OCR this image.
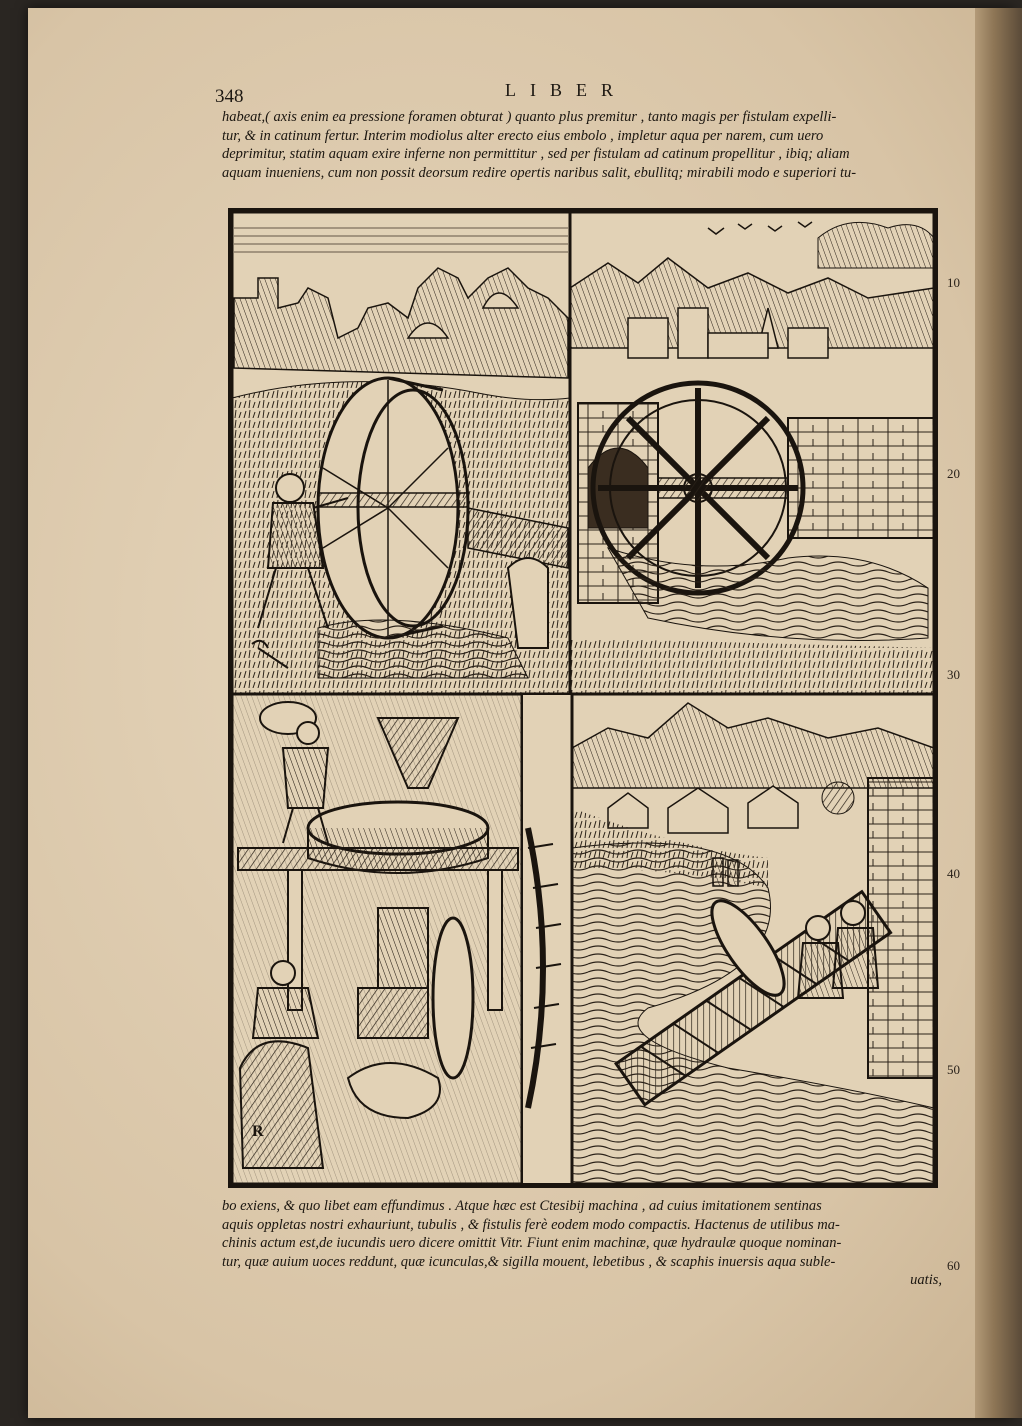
348	LIBER

habeat,( axis enim ea pressione foramen obturat ) quanto plus premitur , tanto magis per fistulam expelli-

tur, & in catinum fertur. Interim modiolus alter erecto eius embolo , impletur aqua per narem, cum uero

deprimitur, statim aquam exire inferne non permittitur , sed per fistulam ad catinum propellitur , ibiq; aliam

aquam inueniens, cum non possit deorsum redire opertis naribus salit, ebullitq; mirabili modo e superiori tu-

R

bo exiens, & quo libet eam effundimus . Atque hæc est Ctesibij machina , ad cuius imitationem sentinas

aquis oppletas nostri exhauriunt, tubulis , & fistulis ferè eodem modo compactis. Hactenus de utilibus ma-

chinis actum est,de iucundis uero dicere omittit Vitr. Fiunt enim machinæ, quæ hydraulæ quoque nominan-

tur, quæ auium uoces reddunt, quæ icunculas,& sigilla mouent, lebetibus , & scaphis inuersis aqua suble-

uatis,

10
20
30
40
50
60
